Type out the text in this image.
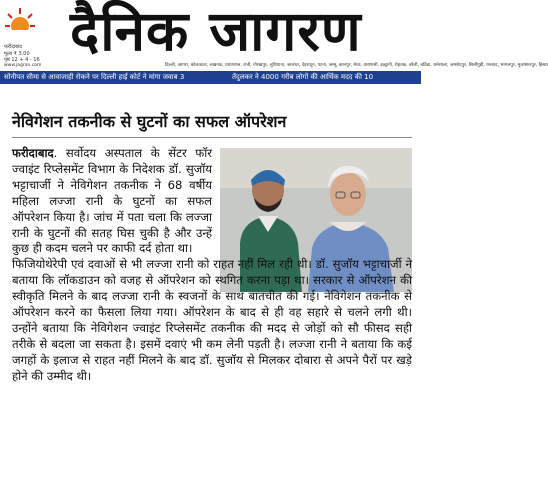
फरीदाबाद
मूल्य ₹ 3.00
पृष्ठ 12 + 4 - 16 दैनिक जागरण
www.jagran.com	दिल्ली, आगरा, कोलकाता, लखनऊ, प्रयागराज, रांची, गोरखपुर, लुधियाना, जालंधर, देहरादून, पटना, जम्मू, कानपुर, मेरठ, वाराणसी, हल्द्वानी, रोहतक, बरेली, बठिंडा, धर्मशाला, जमशेदपुर, सिलीगुड़ी, धनबाद, भागलपुर, मुजफ्फरपुर, हिसार
सोनीपत सीमा से आवाजाही रोकने पर दिल्ली हाई कोर्ट ने मांगा जवाब 3	तेंदुलकर ने 4000 गरीब लोगों की आर्थिक मदद की 10
नेविगेशन तकनीक से घुटनों का सफल ऑपरेशन
फरीदाबाद. सर्वोदय अस्पताल के सेंटर फॉर ज्वाइंट रिप्लेसमेंट विभाग के निदेशक डॉ. सुजॉय भट्टाचार्जी ने नेविगेशन तकनीक ने 68 वर्षीय महिला लज्जा रानी के घुटनों का सफल ऑपरेशन किया है। जांच में पता चला कि लज्जा रानी के घुटनों की सतह घिस चुकी है और उन्हें कुछ ही कदम चलने पर काफी दर्द होता था।
फिजियोथेरेपी एवं दवाओं से भी लज्जा रानी को राहत नहीं मिल रही थी। डॉ. सुजॉय भट्टाचार्जी ने बताया कि लॉकडाउन को वजह से ऑपरेशन को स्थगित करना पड़ा था। सरकार से ऑपरेशन की स्वीकृति मिलने के बाद लज्जा रानी के स्वजनों के साथ बातचीत की गई। नेविगेशन तकनीक से ऑपरेशन करने का फैसला लिया गया। ऑपरेशन के बाद से ही वह सहारे से चलने लगी थी। उन्होंने बताया कि नेविगेशन ज्वाइंट रिप्लेसमेंट तकनीक की मदद से जोड़ों को सौ फीसद सही तरीके से बदला जा सकता है। इसमें दवाएं भी कम लेनी पड़ती है। लज्जा रानी ने बताया कि कई जगहों के इलाज से राहत नहीं मिलने के बाद डॉ. सुजॉय से मिलकर दोबारा से अपने पैरों पर खड़े होने की उम्मीद थी।
